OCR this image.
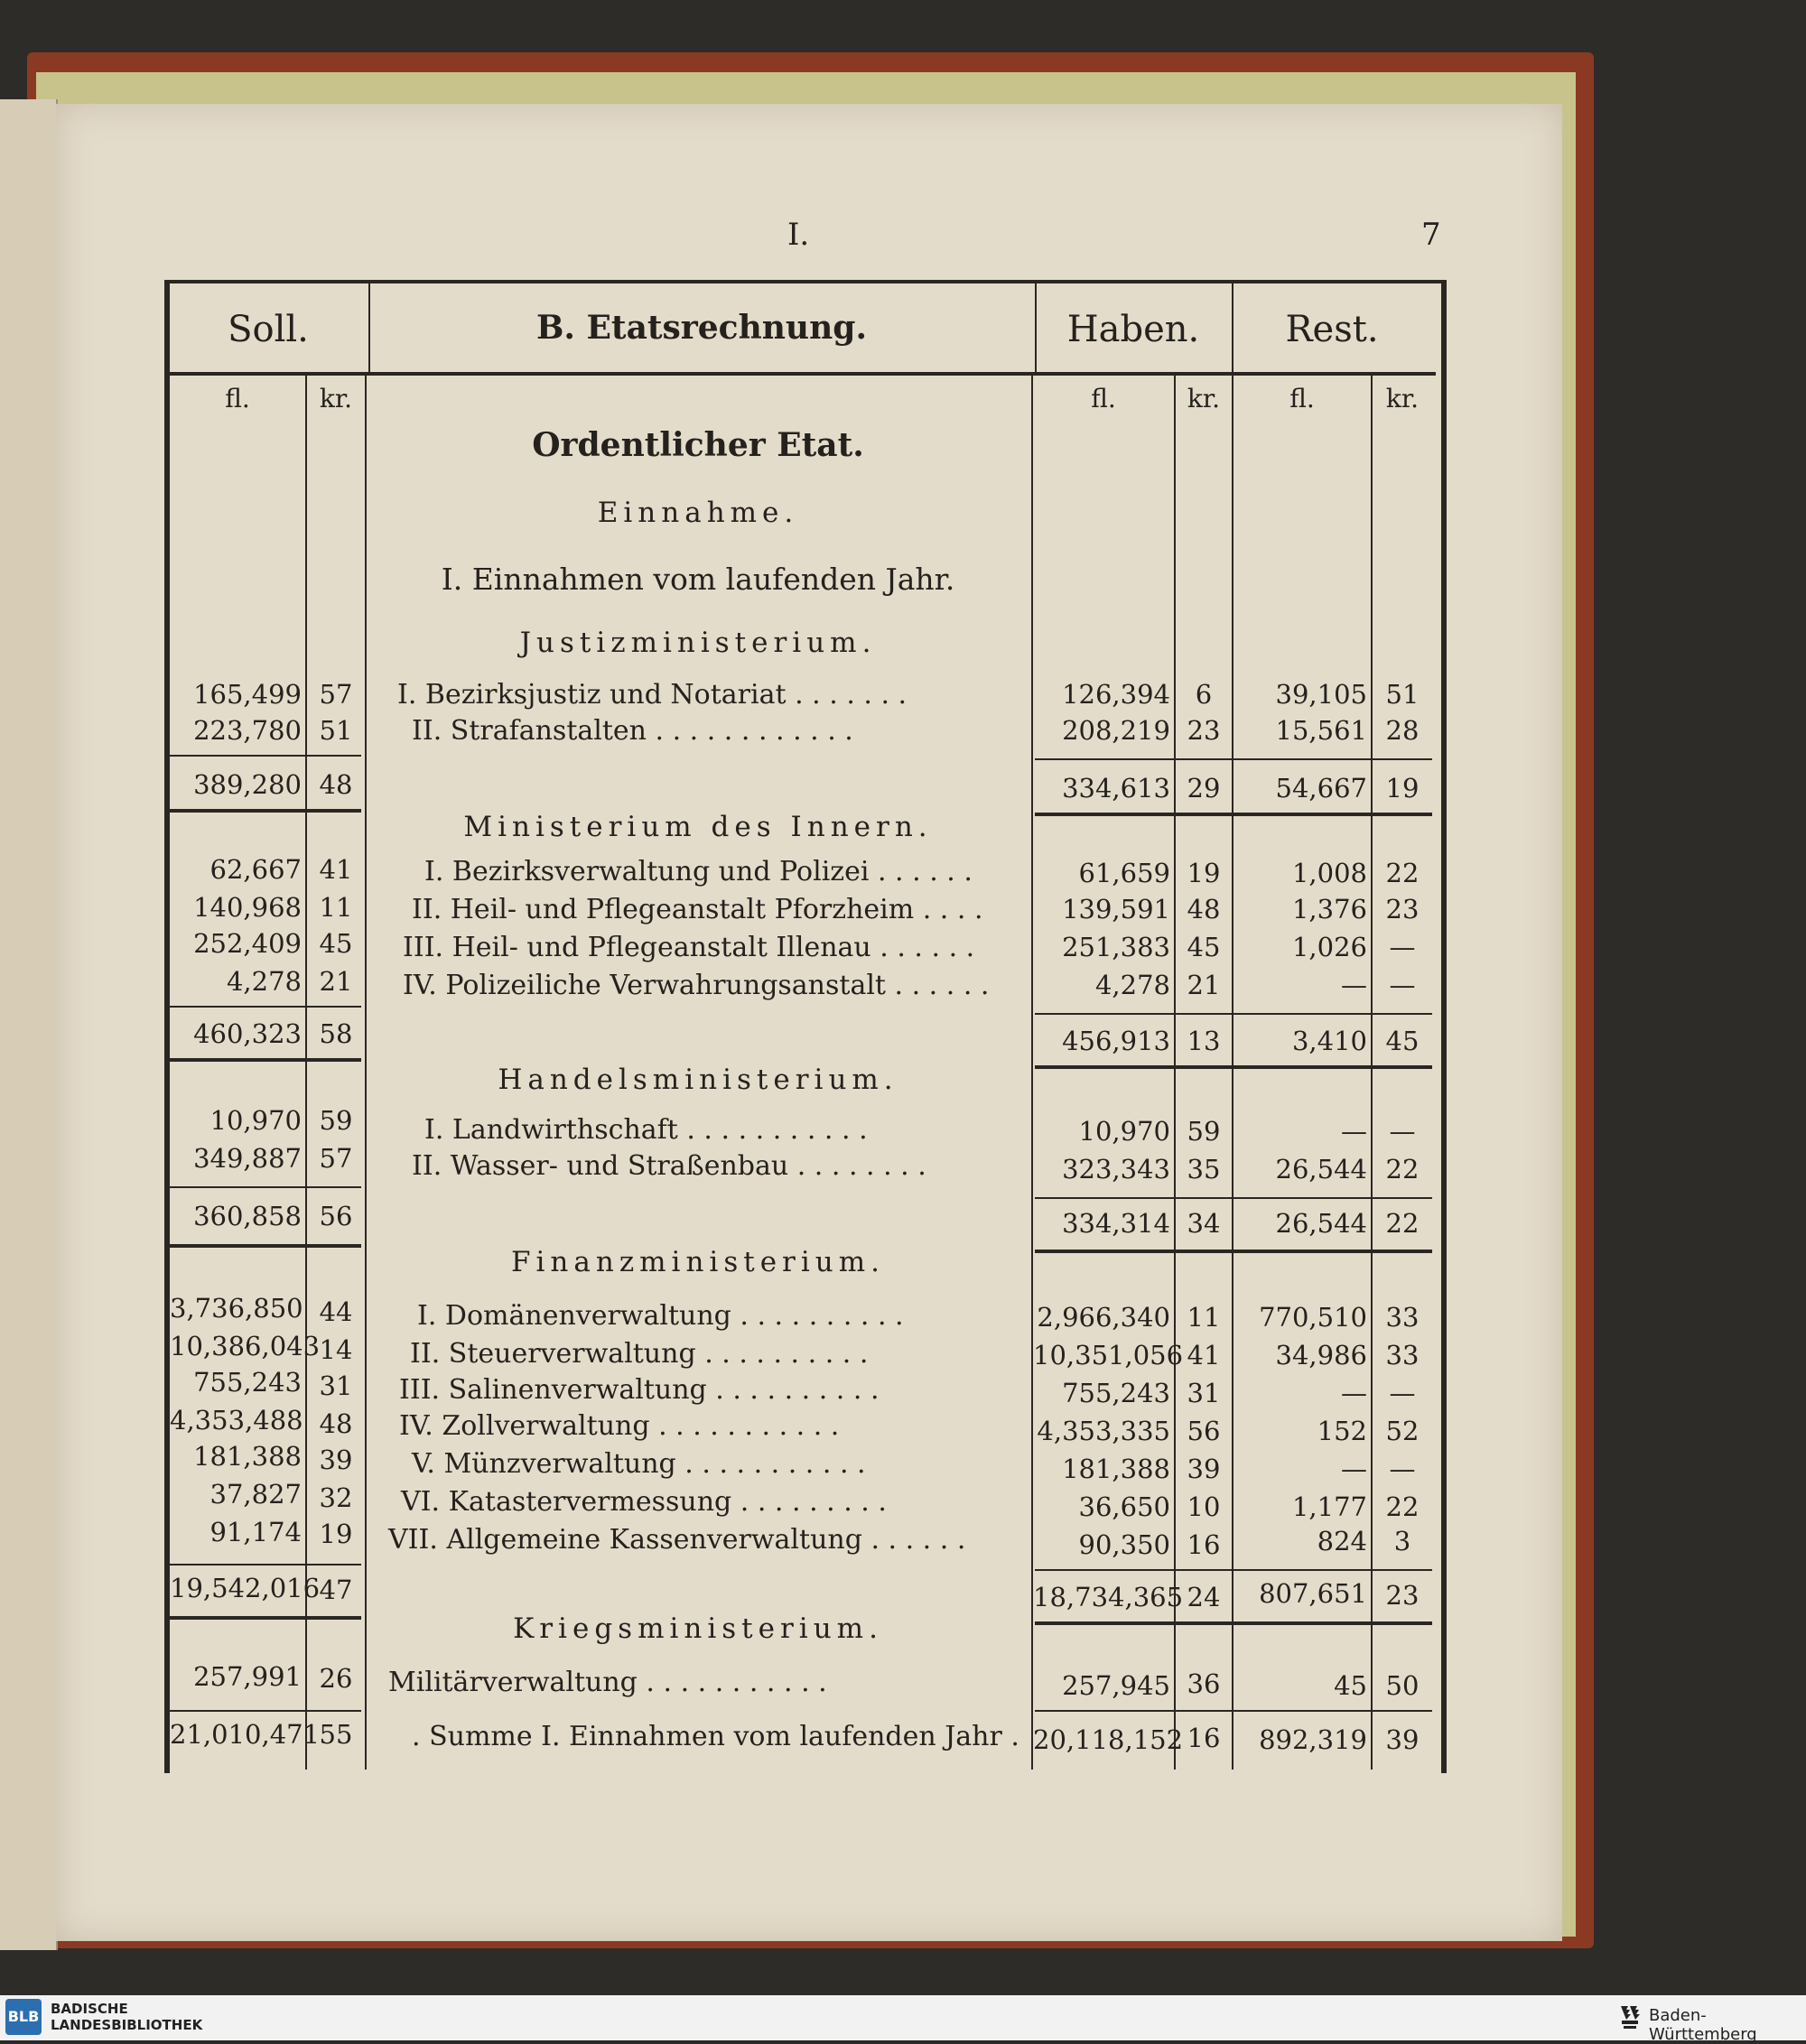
I.	7
Soll.	B. Etatsrechnung.	Haben.	Rest.
fl.	kr.	fl.	kr.	fl.	kr.
Ordentlicher Etat.
Einnahme.
I. Einnahmen vom laufenden Jahr.
Justizministerium.
165,499 57	I. Bezirksjustiz und Notariat . . . . . . .	126,394 6	39,105 51
223,780 51	II. Strafanstalten . . . . . . . . . . . .	208,219 23	15,561 28
389,280 48	334,613 29	54,667 19
Ministerium des Innern.
62,667 41	I. Bezirksverwaltung und Polizei . . . . . .	61,659 19	1,008 22
140,968 11	II. Heil- und Pflegeanstalt Pforzheim . . . .	139,591 48	1,376 23
252,409 45	III. Heil- und Pflegeanstalt Illenau . . . . . .	251,383 45	1,026 —
4,278 21	IV. Polizeiliche Verwahrungsanstalt . . . . . .	4,278 21	— —
460,323 58	456,913 13	3,410 45
Handelsministerium.
10,970 59	I. Landwirthschaft . . . . . . . . . . .	10,970 59	— —
349,887 57	II. Wasser- und Straßenbau . . . . . . . .	323,343 35	26,544 22
360,858 56	334,314 34	26,544 22
Finanzministerium.
3,736,850 44	I. Domänenverwaltung . . . . . . . . . .	2,966,340 11	770,510 33
10,386,043 14	II. Steuerverwaltung . . . . . . . . . .	10,351,056 41	34,986 33
755,243 31	III. Salinenverwaltung . . . . . . . . . .	755,243 31	— —
4,353,488 48	IV. Zollverwaltung . . . . . . . . . . .	4,353,335 56	152 52
181,388 39	V. Münzverwaltung . . . . . . . . . . .	181,388 39	— —
37,827 32	VI. Katastervermessung . . . . . . . . .	36,650 10	1,177 22
91,174 19	VII. Allgemeine Kassenverwaltung . . . . . .	90,350 16	824	3
19,542,016 47	18,734,365 24	807,651 23
Kriegsministerium.
257,991 26	Militärverwaltung . . . . . . . . . . .	257,945 36	45 50
21,010,471 55	. Summe I. Einnahmen vom laufenden Jahr . 20,118,152 16	892,319 39
BLB BADISCHE
LANDESBIBLIOTHEK	Baden-Württemberg
